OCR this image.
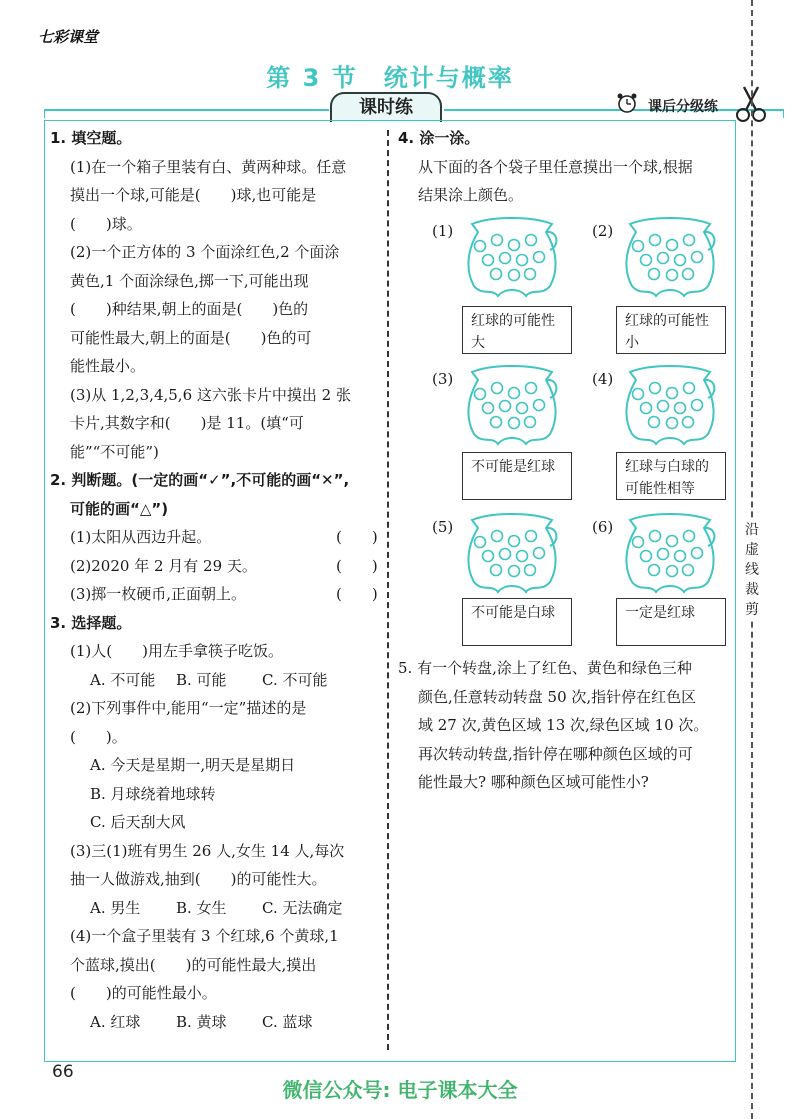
七彩课堂
第 3 节　统计与概率
课时练	课后分级练
沿虚线裁剪

1. 填空题。

(1)在一个箱子里装有白、黄两种球。任意

摸出一个球,可能是(　　)球,也可能是

(　　)球。

(2)一个正方体的 3 个面涂红色,2 个面涂

黄色,1 个面涂绿色,掷一下,可能出现

(　　)种结果,朝上的面是(　　)色的

可能性最大,朝上的面是(　　)色的可

能性最小。

(3)从 1,2,3,4,5,6 这六张卡片中摸出 2 张

卡片,其数字和(　　)是 11。(填“可

能”“不可能”)

2. 判断题。(一定的画“✓”,不可能的画“✕”,

可能的画“△”)

(1)太阳从西边升起。	(　　)

(2)2020 年 2 月有 29 天。	(　　)

(3)掷一枚硬币,正面朝上。	(　　)

3. 选择题。

(1)人(　　)用左手拿筷子吃饭。

A. 不可能 B. 可能 C. 不可能

(2)下列事件中,能用“一定”描述的是

(　　)。

A. 今天是星期一,明天是星期日

B. 月球绕着地球转

C. 后天刮大风

(3)三(1)班有男生 26 人,女生 14 人,每次

抽一人做游戏,抽到(　　)的可能性大。

A. 男生 B. 女生 C. 无法确定

(4)一个盒子里装有 3 个红球,6 个黄球,1

个蓝球,摸出(　　)的可能性最大,摸出

(　　)的可能性最小。

A. 红球 B. 黄球 C. 蓝球

4. 涂一涂。

从下面的各个袋子里任意摸出一个球,根据

结果涂上颜色。

(1)
红球的可能性大
(2)
红球的可能性小
(3)
不可能是红球
(4)
红球与白球的可能性相等
(5)
不可能是白球
(6)
一定是红球

5. 有一个转盘,涂上了红色、黄色和绿色三种

颜色,任意转动转盘 50 次,指针停在红色区

域 27 次,黄色区域 13 次,绿色区域 10 次。

再次转动转盘,指针停在哪种颜色区域的可

能性最大? 哪种颜色区域可能性小?

66
微信公众号: 电子课本大全
